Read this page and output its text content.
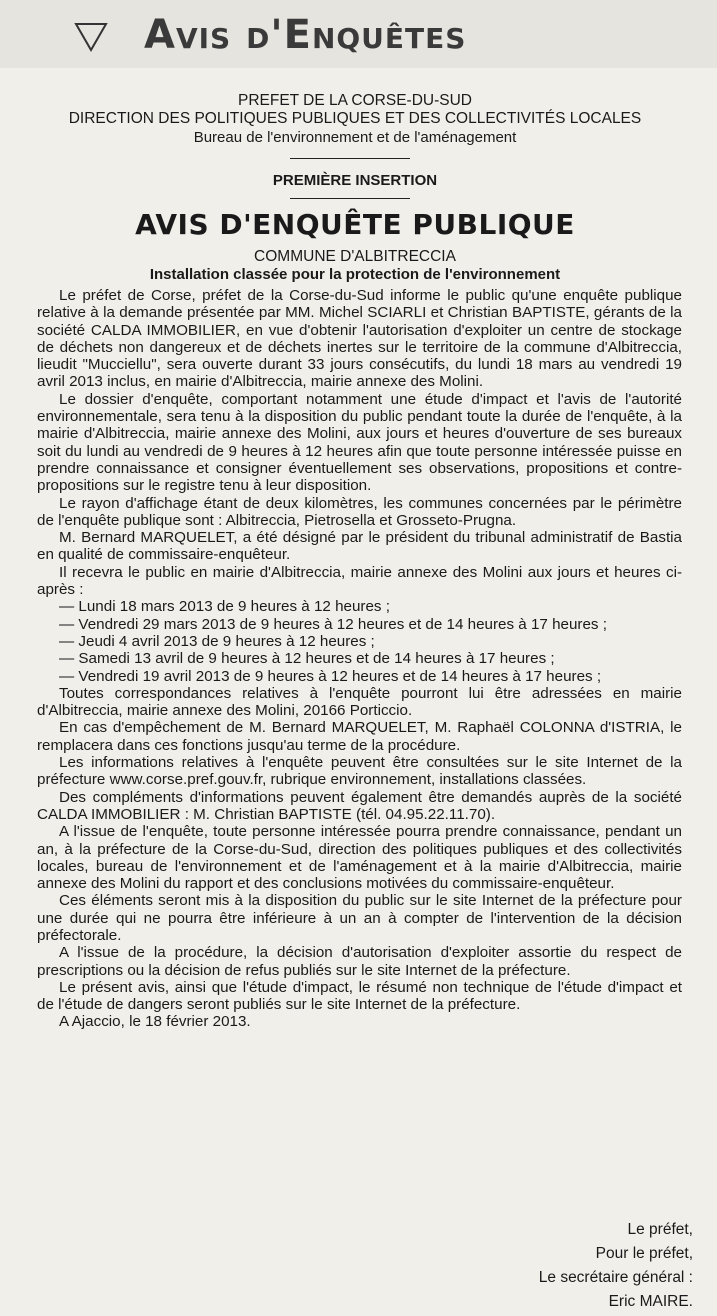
Avis d'Enquêtes
PREFET DE LA CORSE-DU-SUD
DIRECTION DES POLITIQUES PUBLIQUES ET DES COLLECTIVITÉS LOCALES
Bureau de l'environnement et de l'aménagement
PREMIÈRE INSERTION
AVIS D'ENQUÊTE PUBLIQUE
COMMUNE D'ALBITRECCIA
Installation classée pour la protection de l'environnement

Le préfet de Corse, préfet de la Corse-du-Sud informe le public qu'une enquête publique relative à la demande présentée par MM. Michel SCIARLI et Christian BAPTISTE, gérants de la société CALDA IMMOBILIER, en vue d'obtenir l'autorisation d'exploiter un centre de stockage de déchets non dangereux et de déchets inertes sur le territoire de la commune d'Albitreccia, lieudit "Mucciellu", sera ouverte durant 33 jours consécutifs, du lundi 18 mars au vendredi 19 avril 2013 inclus, en mairie d'Albitreccia, mairie annexe des Molini.

Le dossier d'enquête, comportant notamment une étude d'impact et l'avis de l'autorité environnementale, sera tenu à la disposition du public pendant toute la durée de l'enquête, à la mairie d'Albitreccia, mairie annexe des Molini, aux jours et heures d'ouverture de ses bureaux soit du lundi au vendredi de 9 heures à 12 heures afin que toute personne intéressée puisse en prendre connaissance et consigner éventuellement ses observations, propositions et contre-propositions sur le registre tenu à leur disposition.

Le rayon d'affichage étant de deux kilomètres, les communes concernées par le périmètre de l'enquête publique sont : Albitreccia, Pietrosella et Grosseto-Prugna.

M. Bernard MARQUELET, a été désigné par le président du tribunal administratif de Bastia en qualité de commissaire-enquêteur.

Il recevra le public en mairie d'Albitreccia, mairie annexe des Molini aux jours et heures ci-après :

— Lundi 18 mars 2013 de 9 heures à 12 heures ;
— Vendredi 29 mars 2013 de 9 heures à 12 heures et de 14 heures à 17 heures ;
— Jeudi 4 avril 2013 de 9 heures à 12 heures ;
— Samedi 13 avril de 9 heures à 12 heures et de 14 heures à 17 heures ;
— Vendredi 19 avril 2013 de 9 heures à 12 heures et de 14 heures à 17 heures ;

Toutes correspondances relatives à l'enquête pourront lui être adressées en mairie d'Albitreccia, mairie annexe des Molini, 20166 Porticcio.

En cas d'empêchement de M. Bernard MARQUELET, M. Raphaël COLONNA d'ISTRIA, le remplacera dans ces fonctions jusqu'au terme de la procédure.

Les informations relatives à l'enquête peuvent être consultées sur le site Internet de la préfecture www.corse.pref.gouv.fr, rubrique environnement, installations classées.

Des compléments d'informations peuvent également être demandés auprès de la société CALDA IMMOBILIER : M. Christian BAPTISTE (tél. 04.95.22.11.70).

A l'issue de l'enquête, toute personne intéressée pourra prendre connaissance, pendant un an, à la préfecture de la Corse-du-Sud, direction des politiques publiques et des collectivités locales, bureau de l'environnement et de l'aménagement et à la mairie d'Albitreccia, mairie annexe des Molini du rapport et des conclusions motivées du commissaire-enquêteur.

Ces éléments seront mis à la disposition du public sur le site Internet de la préfecture pour une durée qui ne pourra être inférieure à un an à compter de l'intervention de la décision préfectorale.

A l'issue de la procédure, la décision d'autorisation d'exploiter assortie du respect de prescriptions ou la décision de refus publiés sur le site Internet de la préfecture.

Le présent avis, ainsi que l'étude d'impact, le résumé non technique de l'étude d'impact et de l'étude de dangers seront publiés sur le site Internet de la préfecture.

A Ajaccio, le 18 février 2013.

Le préfet,
Pour le préfet,
Le secrétaire général :
Eric MAIRE.
